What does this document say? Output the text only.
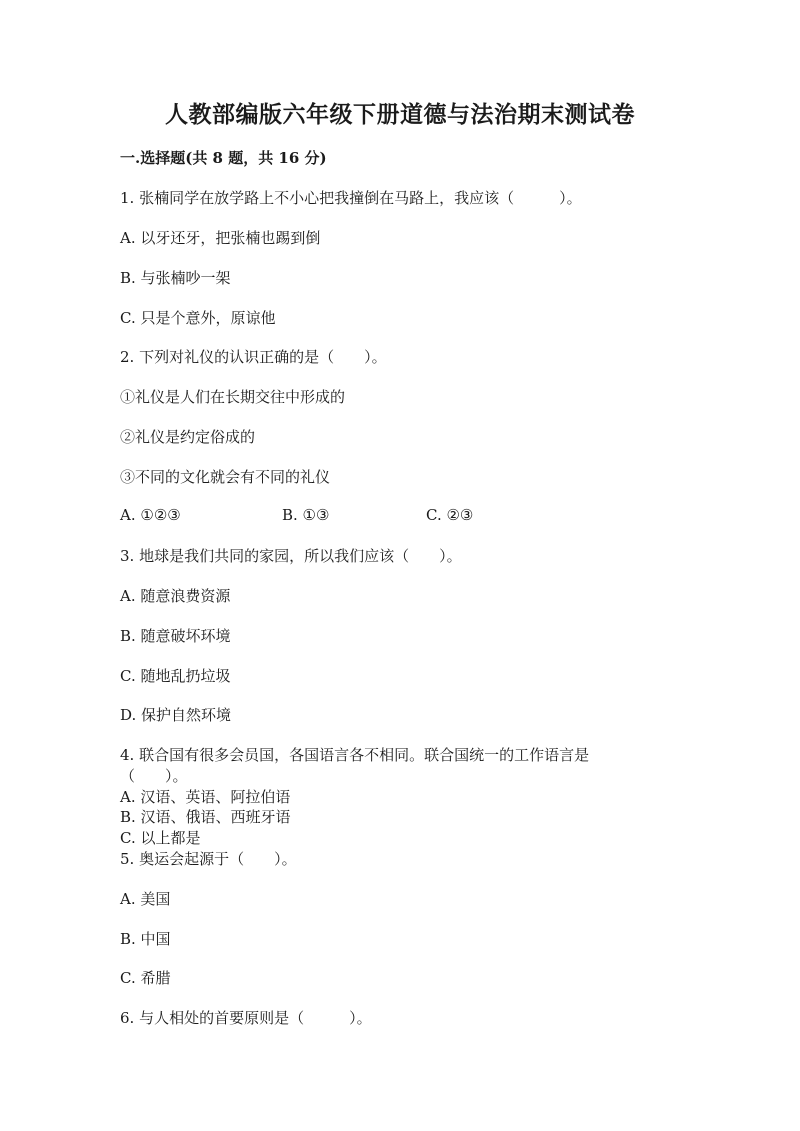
人教部编版六年级下册道德与法治期末测试卷
一.选择题(共 8 题，共 16 分)
1. 张楠同学在放学路上不小心把我撞倒在马路上，我应该（　　　）。
A. 以牙还牙，把张楠也踢到倒
B. 与张楠吵一架
C. 只是个意外，原谅他
2. 下列对礼仪的认识正确的是（　　）。
①礼仪是人们在长期交往中形成的
②礼仪是约定俗成的
③不同的文化就会有不同的礼仪
A. ①②③	B. ①③	C. ②③
3. 地球是我们共同的家园，所以我们应该（　　）。
A. 随意浪费资源
B. 随意破坏环境
C. 随地乱扔垃圾
D. 保护自然环境
4. 联合国有很多会员国，各国语言各不相同。联合国统一的工作语言是
（　　）。
A. 汉语、英语、阿拉伯语
B. 汉语、俄语、西班牙语
C. 以上都是
5. 奥运会起源于（　　）。
A. 美国
B. 中国
C. 希腊
6. 与人相处的首要原则是（　　　）。
